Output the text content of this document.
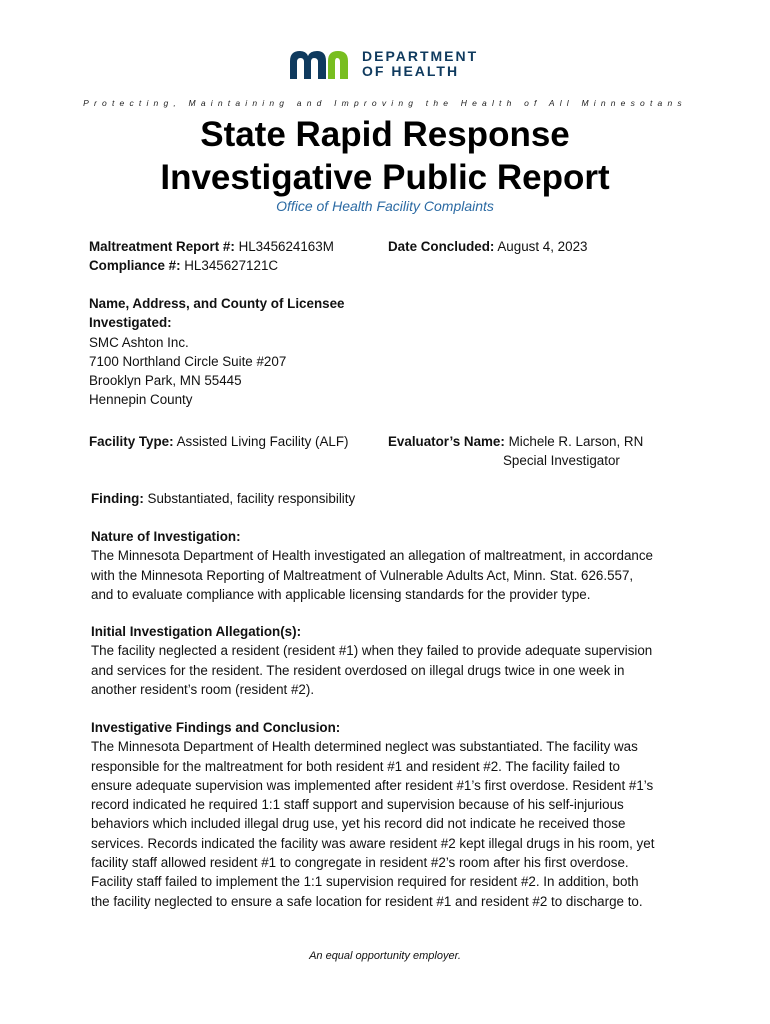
DEPARTMENT
OF HEALTH
Protecting, Maintaining and Improving the Health of All Minnesotans
State Rapid Response
Investigative Public Report
Office of Health Facility Complaints

Maltreatment Report #: HL345624163M

Compliance #: HL345627121C

Date Concluded: August 4, 2023

Name, Address, and County of Licensee

Investigated:

SMC Ashton Inc.

7100 Northland Circle Suite #207

Brooklyn Park, MN 55445

Hennepin County

Facility Type: Assisted Living Facility (ALF)	Evaluator’s Name: Michele R. Larson, RN

Special Investigator

Finding: Substantiated, facility responsibility

Nature of Investigation:

The Minnesota Department of Health investigated an allegation of maltreatment, in accordance

with the Minnesota Reporting of Maltreatment of Vulnerable Adults Act, Minn. Stat. 626.557,

and to evaluate compliance with applicable licensing standards for the provider type.

Initial Investigation Allegation(s):

The facility neglected a resident (resident #1) when they failed to provide adequate supervision

and services for the resident. The resident overdosed on illegal drugs twice in one week in

another resident’s room (resident #2).

Investigative Findings and Conclusion:

The Minnesota Department of Health determined neglect was substantiated. The facility was

responsible for the maltreatment for both resident #1 and resident #2. The facility failed to

ensure adequate supervision was implemented after resident #1’s first overdose. Resident #1’s

record indicated he required 1:1 staff support and supervision because of his self-injurious

behaviors which included illegal drug use, yet his record did not indicate he received those

services. Records indicated the facility was aware resident #2 kept illegal drugs in his room, yet

facility staff allowed resident #1 to congregate in resident #2’s room after his first overdose.

Facility staff failed to implement the 1:1 supervision required for resident #2. In addition, both

the facility neglected to ensure a safe location for resident #1 and resident #2 to discharge to.

An equal opportunity employer.
